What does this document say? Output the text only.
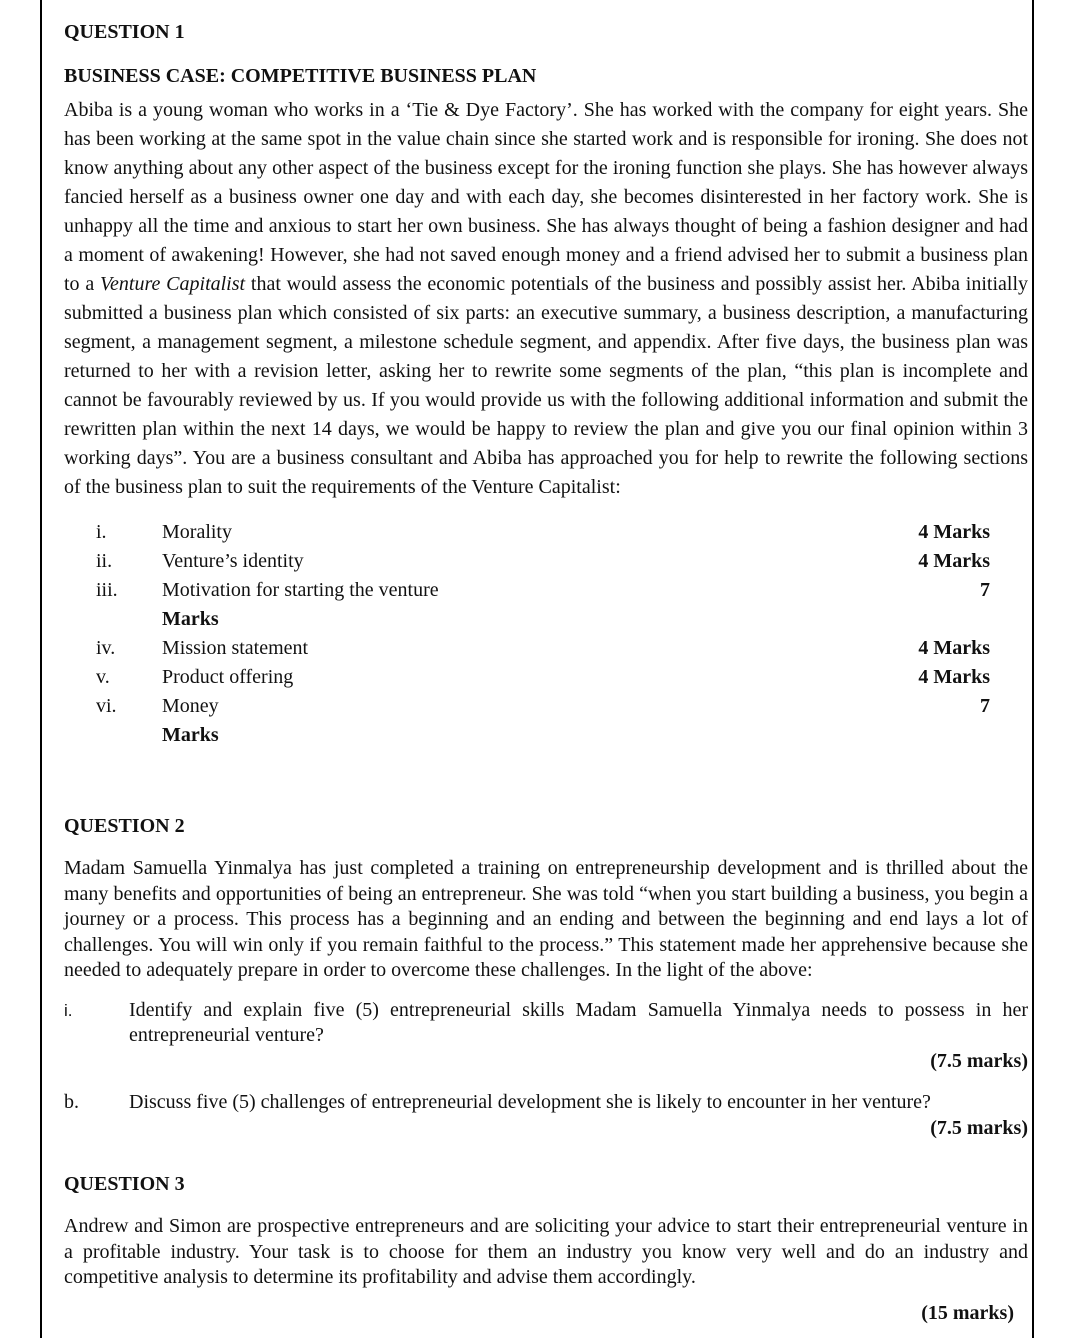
QUESTION 1

BUSINESS CASE: COMPETITIVE BUSINESS PLAN

Abiba is a young woman who works in a ‘Tie & Dye Factory’. She has worked with the company for eight years. She has been working at the same spot in the value chain since she started work and is responsible for ironing. She does not know anything about any other aspect of the business except for the ironing function she plays. She has however always fancied herself as a business owner one day and with each day, she becomes disinterested in her factory work. She is unhappy all the time and anxious to start her own business. She has always thought of being a fashion designer and had a moment of awakening! However, she had not saved enough money and a friend advised her to submit a business plan to a Venture Capitalist that would assess the economic potentials of the business and possibly assist her. Abiba initially submitted a business plan which consisted of six parts: an executive summary, a business description, a manufacturing segment, a management segment, a milestone schedule segment, and appendix. After five days, the business plan was returned to her with a revision letter, asking her to rewrite some segments of the plan, “this plan is incomplete and cannot be favourably reviewed by us. If you would provide us with the following additional information and submit the rewritten plan within the next 14 days, we would be happy to review the plan and give you our final opinion within 3 working days”. You are a business consultant and Abiba has approached you for help to rewrite the following sections of the business plan to suit the requirements of the Venture Capitalist:

i.	Morality	4 Marks
ii. Venture’s identity	4 Marks
iii. Motivation for starting the venture	7
Marks
iv. Mission statement	4 Marks
v.	Product offering	4 Marks
vi. Money	7
Marks

QUESTION 2

Madam Samuella Yinmalya has just completed a training on entrepreneurship development and is thrilled about the many benefits and opportunities of being an entrepreneur. She was told “when you start building a business, you begin a journey or a process. This process has a beginning and an ending and between the beginning and end lays a lot of challenges. You will win only if you remain faithful to the process.” This statement made her apprehensive because she needed to adequately prepare in order to overcome these challenges. In the light of the above:

i.	Identify and explain five (5) entrepreneurial skills Madam Samuella Yinmalya needs to possess in her entrepreneurial venture?
(7.5 marks)
b.	Discuss five (5) challenges of entrepreneurial development she is likely to encounter in her venture?
(7.5 marks)

QUESTION 3

Andrew and Simon are prospective entrepreneurs and are soliciting your advice to start their entrepreneurial venture in a profitable industry. Your task is to choose for them an industry you know very well and do an industry and competitive analysis to determine its profitability and advise them accordingly.

(15 marks)
